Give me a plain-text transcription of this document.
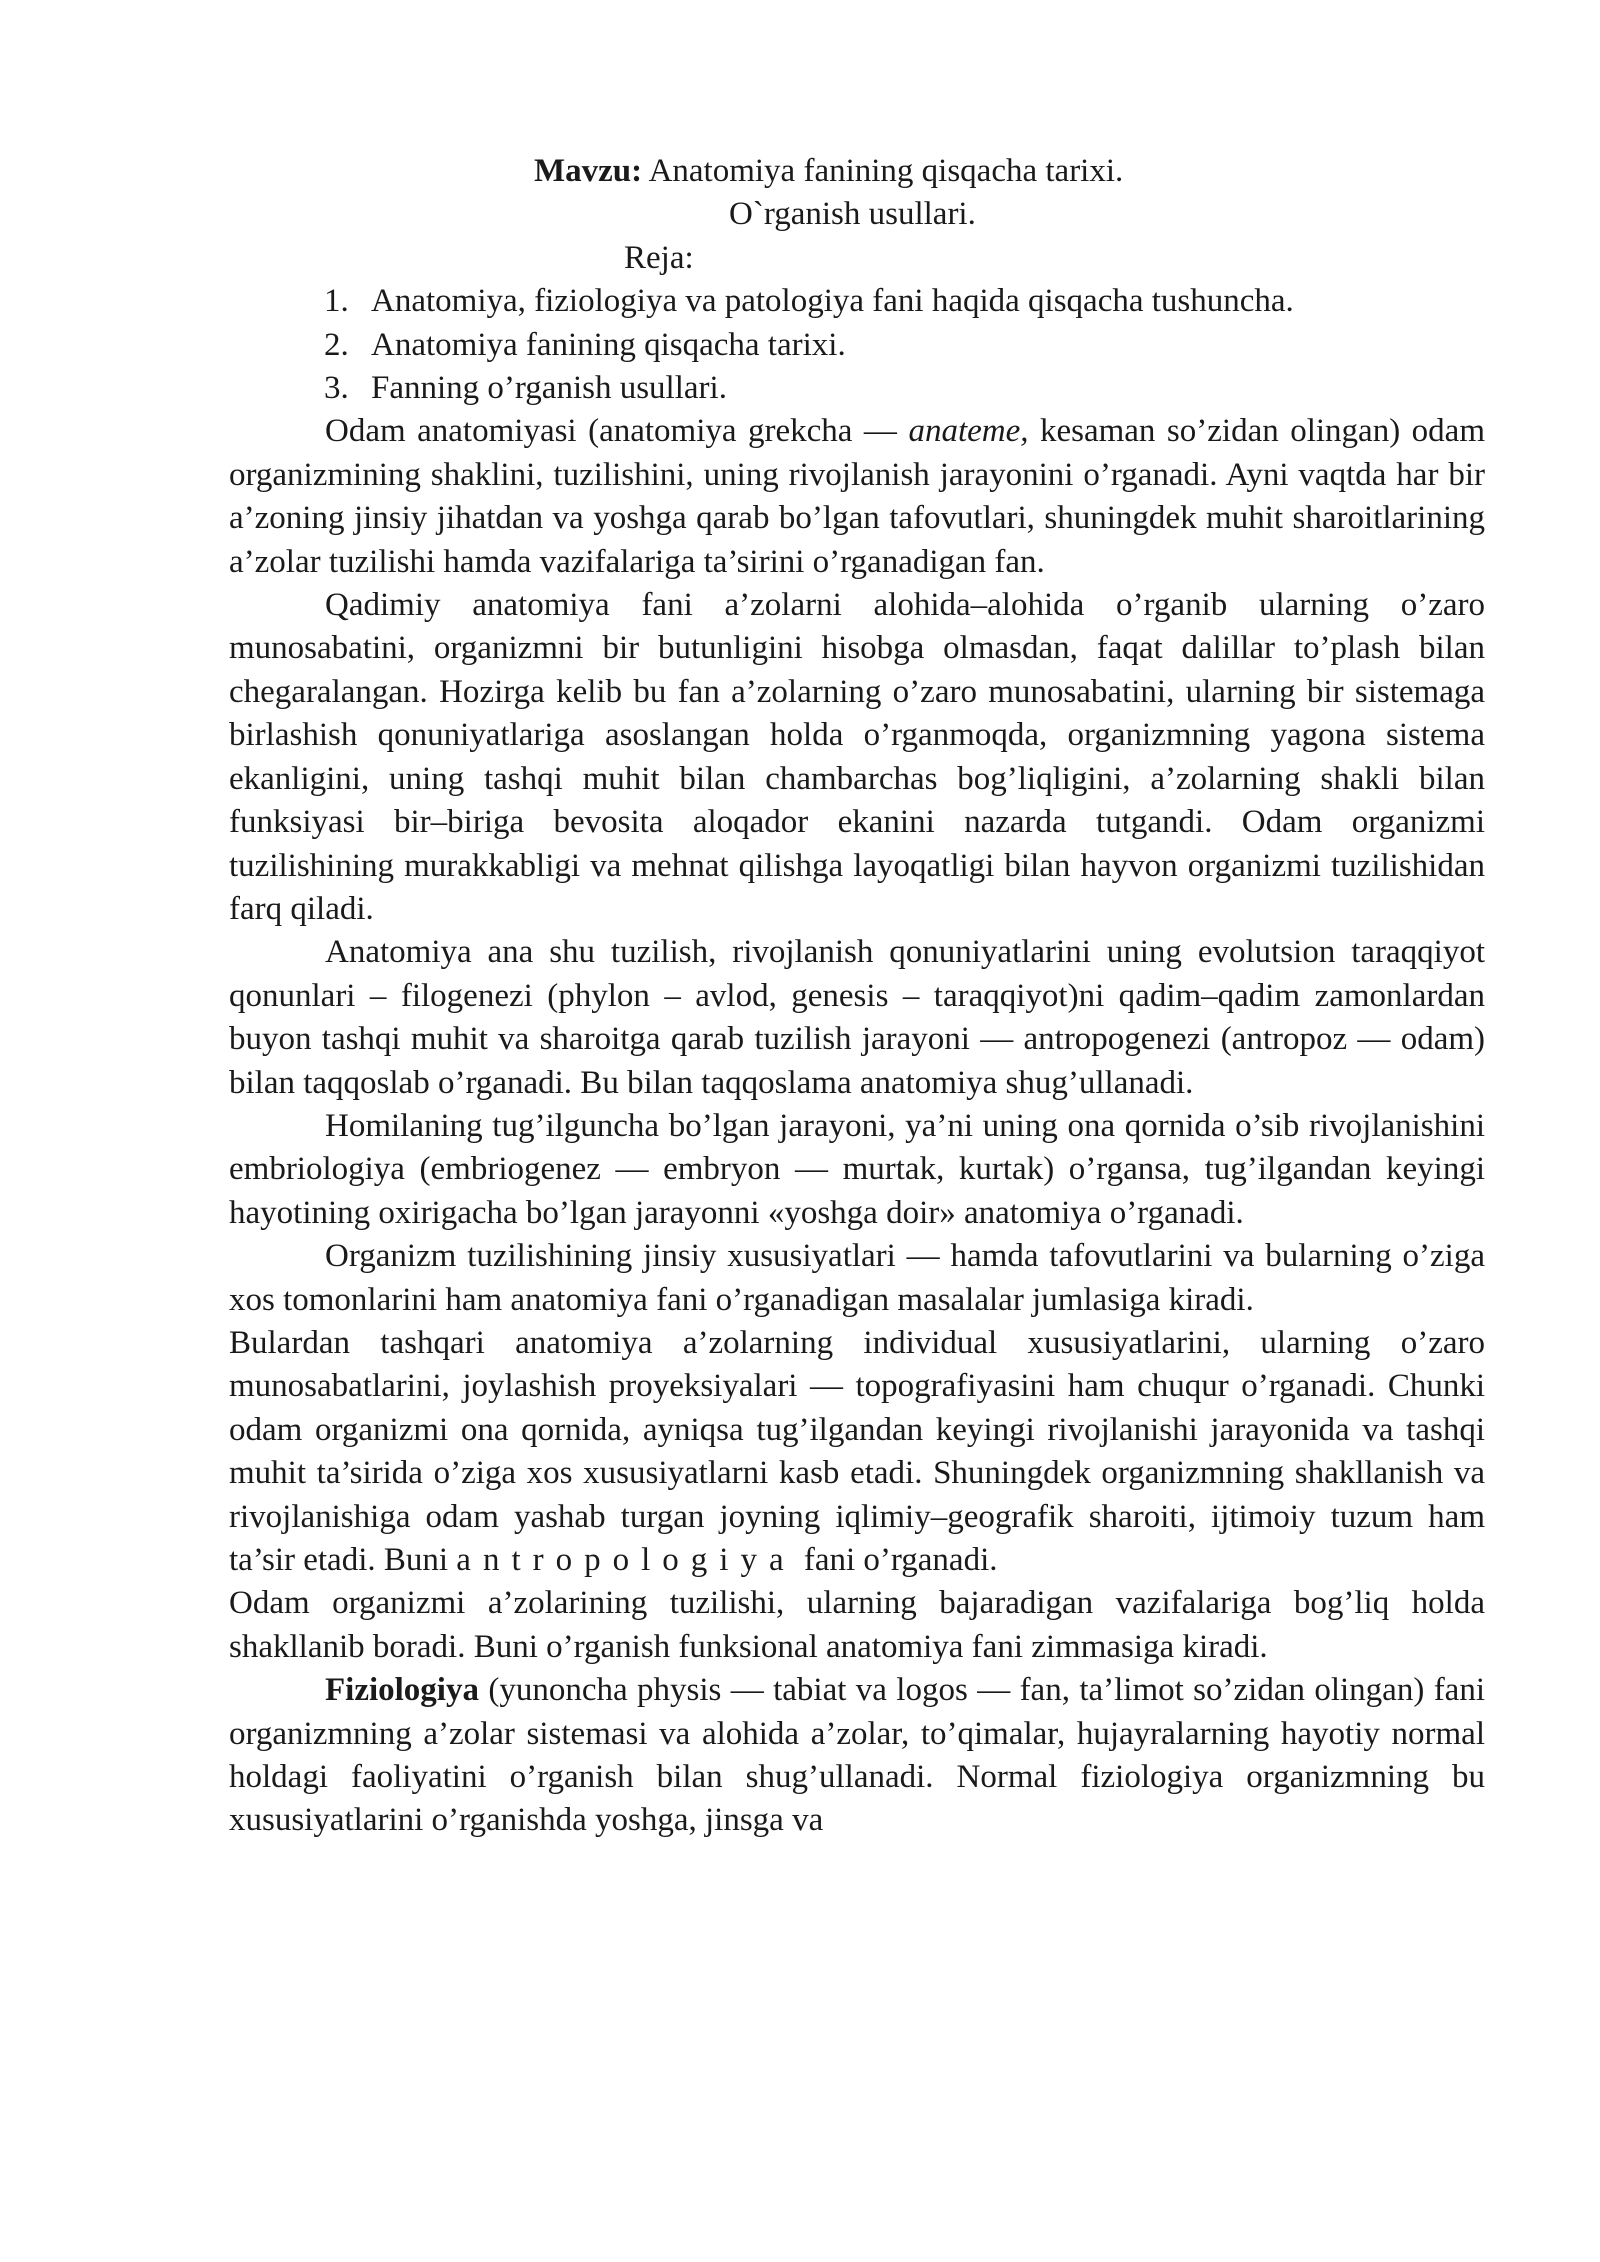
Mavzu: Anatomiya fanining qisqacha tarixi.
O`rganish usullari.
Reja:
1. Anatomiya, fiziologiya va patologiya fani haqida qisqacha tushuncha.
2. Anatomiya fanining qisqacha tarixi.
3. Fanning o’rganish usullari.

Odam anatomiyasi (anatomiya grekcha — anateme, kesaman so’zidan olingan) odam organizmining shaklini, tuzilishini, uning rivojlanish jarayonini o’rganadi. Ayni vaqtda har bir a’zoning jinsiy jihatdan va yoshga qarab bo’lgan tafovutlari, shuningdek muhit sharoitlarining a’zolar tuzilishi hamda vazifalariga ta’sirini o’rganadigan fan.

Qadimiy anatomiya fani a’zolarni alohida–alohida o’rganib ularning o’zaro munosabatini, organizmni bir butunligini hisobga olmasdan, faqat dalillar to’plash bilan chegaralangan. Hozirga kelib bu fan a’zolarning o’zaro munosabatini, ularning bir sistemaga birlashish qonuniyatlariga asoslangan holda o’rganmoqda, organizmning yagona sistema ekanligini, uning tashqi muhit bilan chambarchas bog’liqligini, a’zolarning shakli bilan funksiyasi bir–biriga bevosita aloqador ekanini nazarda tutgandi. Odam organizmi tuzilishining murakkabligi va mehnat qilishga layoqatligi bilan hayvon organizmi tuzilishidan farq qiladi.

Anatomiya ana shu tuzilish, rivojlanish qonuniyatlarini uning evolutsion taraqqiyot qonunlari – filogenezi (phylon – avlod, genesis – taraqqiyot)ni qadim–qadim zamonlardan buyon tashqi muhit va sharoitga qarab tuzilish jarayoni — antropogenezi (antropoz — odam) bilan taqqoslab o’rganadi. Bu bilan taqqoslama anatomiya shug’ullanadi.

Homilaning tug’ilguncha bo’lgan jarayoni, ya’ni uning ona qornida o’sib rivojlanishini embriologiya (embriogenez — embryon — murtak, kurtak) o’rgansa, tug’ilgandan keyingi hayotining oxirigacha bo’lgan jarayonni «yoshga doir» anatomiya o’rganadi.

Organizm tuzilishining jinsiy xususiyatlari — hamda tafovutlarini va bularning o’ziga xos tomonlarini ham anatomiya fani o’rganadigan masalalar jumlasiga kiradi.

Bulardan tashqari anatomiya a’zolarning individual xususiyatlarini, ularning o’zaro munosabatlarini, joylashish proyeksiyalari — topografiyasini ham chuqur o’rganadi. Chunki odam organizmi ona qornida, ayniqsa tug’ilgandan keyingi rivojlanishi jarayonida va tashqi muhit ta’sirida o’ziga xos xususiyatlarni kasb etadi. Shuningdek organizmning shakllanish va rivojlanishiga odam yashab turgan joyning iqlimiy–geografik sharoiti, ijtimoiy tuzum ham ta’sir etadi. Buni antropologiya fani o’rganadi.

Odam organizmi a’zolarining tuzilishi, ularning bajaradigan vazifalariga bog’liq holda shakllanib boradi. Buni o’rganish funksional anatomiya fani zimmasiga kiradi.

Fiziologiya (yunoncha physis — tabiat va logos — fan, ta’limot so’zidan olingan) fani organizmning a’zolar sistemasi va alohida a’zolar, to’qimalar, hujayralarning hayotiy normal holdagi faoliyatini o’rganish bilan shug’ullanadi. Normal fiziologiya organizmning bu xususiyatlarini o’rganishda yoshga, jinsga va
